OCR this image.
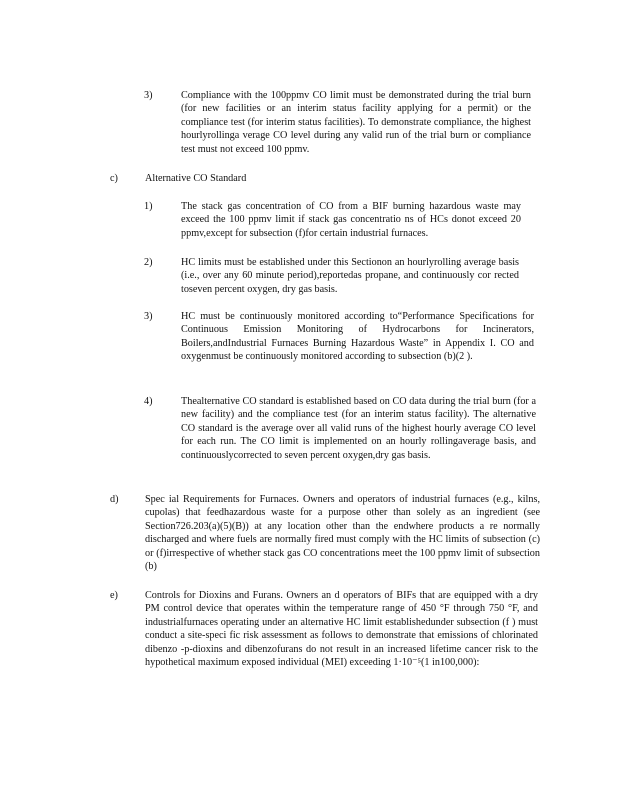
3)	Compliance with the 100ppmv CO limit must be demonstrated during the trial burn (for new facilities or an interim status facility applying for a permit) or the compliance test (for interim status facilities). To demonstrate compliance, the highest hourlyrollinga verage CO level during any valid run of the trial burn or compliance test must not exceed 100 ppmv.
c)	Alternative CO Standard
1)	The stack gas concentration of CO from a BIF burning hazardous waste may exceed the 100 ppmv limit if stack gas concentratio ns of HCs donot exceed 20 ppmv,except for subsection (f)for certain industrial furnaces.
2)	HC limits must be established under this Sectionon an hourlyrolling average basis (i.e., over any 60 minute period),reportedas propane, and continuously cor rected toseven percent oxygen, dry gas basis.
3)	HC must be continuously monitored according to“Performance Specifications for Continuous Emission Monitoring of Hydrocarbons for Incinerators, Boilers,andIndustrial Furnaces Burning Hazardous Waste” in Appendix I. CO and oxygenmust be continuously monitored according to subsection (b)(2 ).
4)	Thealternative CO standard is established based on CO data during the trial burn (for a new facility) and the compliance test (for an interim status facility). The alternative CO standard is the average over all valid runs of the highest hourly average CO level for each run. The CO limit is implemented on an hourly rollingaverage basis, and continuouslycorrected to seven percent oxygen,dry gas basis.
d)	Spec ial Requirements for Furnaces. Owners and operators of industrial furnaces (e.g., kilns, cupolas) that feedhazardous waste for a purpose other than solely as an ingredient (see Section726.203(a)(5)(B)) at any location other than the endwhere products a re normally discharged and where fuels are normally fired must comply with the HC limits of subsection (c) or (f)irrespective of whether stack gas CO concentrations meet the 100 ppmv limit of subsection (b)
e)	Controls for Dioxins and Furans. Owners an d operators of BIFs that are equipped with a dry PM control device that operates within the temperature range of 450 °F through 750 °F, and industrialfurnaces operating under an alternative HC limit establishedunder subsection (f ) must conduct a site-speci fic risk assessment as follows to demonstrate that emissions of chlorinated dibenzo -p-dioxins and dibenzofurans do not result in an increased lifetime cancer risk to the hypothetical maximum exposed individual (MEI) exceeding 1·10⁻⁵(1 in100,000):
